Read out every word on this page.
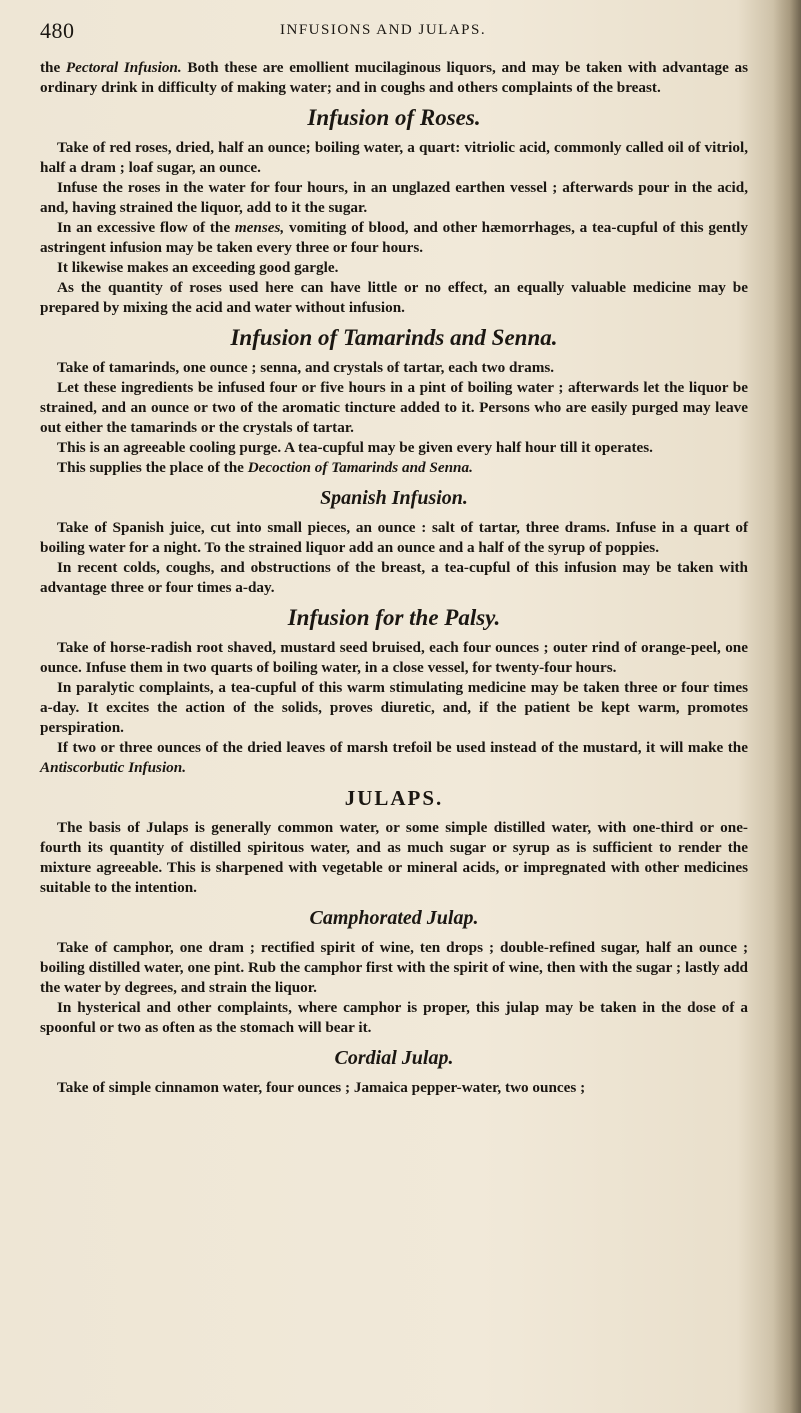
480	INFUSIONS AND JULAPS.

the Pectoral Infusion. Both these are emollient mucilaginous liquors, and may be taken with advantage as ordinary drink in difficulty of making water; and in coughs and others complaints of the breast.

Infusion of Roses.

Take of red roses, dried, half an ounce; boiling water, a quart: vitriolic acid, commonly called oil of vitriol, half a dram ; loaf sugar, an ounce.

Infuse the roses in the water for four hours, in an unglazed earthen vessel ; afterwards pour in the acid, and, having strained the liquor, add to it the sugar.

In an excessive flow of the menses, vomiting of blood, and other hæmorrhages, a tea-cupful of this gently astringent infusion may be taken every three or four hours.

It likewise makes an exceeding good gargle.

As the quantity of roses used here can have little or no effect, an equally valuable medicine may be prepared by mixing the acid and water without infusion.

Infusion of Tamarinds and Senna.

Take of tamarinds, one ounce ; senna, and crystals of tartar, each two drams.

Let these ingredients be infused four or five hours in a pint of boiling water ; afterwards let the liquor be strained, and an ounce or two of the aromatic tincture added to it. Persons who are easily purged may leave out either the tamarinds or the crystals of tartar.

This is an agreeable cooling purge. A tea-cupful may be given every half hour till it operates.

This supplies the place of the Decoction of Tamarinds and Senna.

Spanish Infusion.

Take of Spanish juice, cut into small pieces, an ounce : salt of tartar, three drams. Infuse in a quart of boiling water for a night. To the strained liquor add an ounce and a half of the syrup of poppies.

In recent colds, coughs, and obstructions of the breast, a tea-cupful of this infusion may be taken with advantage three or four times a-day.

Infusion for the Palsy.

Take of horse-radish root shaved, mustard seed bruised, each four ounces ; outer rind of orange-peel, one ounce. Infuse them in two quarts of boiling water, in a close vessel, for twenty-four hours.

In paralytic complaints, a tea-cupful of this warm stimulating medicine may be taken three or four times a-day. It excites the action of the solids, proves diuretic, and, if the patient be kept warm, promotes perspiration.

If two or three ounces of the dried leaves of marsh trefoil be used instead of the mustard, it will make the Antiscorbutic Infusion.

JULAPS.

The basis of Julaps is generally common water, or some simple distilled water, with one-third or one-fourth its quantity of distilled spiritous water, and as much sugar or syrup as is sufficient to render the mixture agreeable. This is sharpened with vegetable or mineral acids, or impregnated with other medicines suitable to the intention.

Camphorated Julap.

Take of camphor, one dram ; rectified spirit of wine, ten drops ; double-refined sugar, half an ounce ; boiling distilled water, one pint. Rub the camphor first with the spirit of wine, then with the sugar ; lastly add the water by degrees, and strain the liquor.

In hysterical and other complaints, where camphor is proper, this julap may be taken in the dose of a spoonful or two as often as the stomach will bear it.

Cordial Julap.

Take of simple cinnamon water, four ounces ; Jamaica pepper-water, two ounces ;
